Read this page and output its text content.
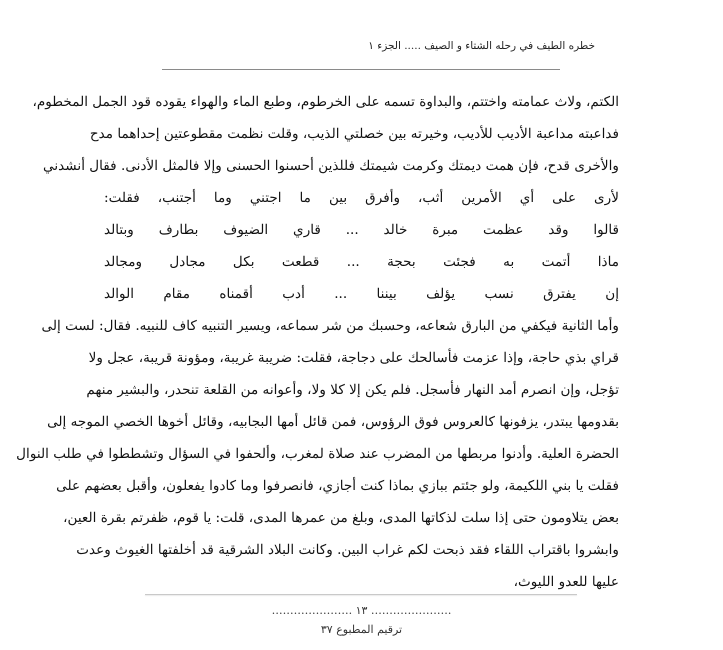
خطره الطيف في رحله الشتاء و الصيف ..... الجزء ١
الكتم، ولاث عمامته واختتم، والبداوة تسمه على الخرطوم، وطبع الماء والهواء يقوده قود الجمل المخطوم،
فداعبته مداعبة الأديب للأديب، وخيرته بين خصلتي الذيب، وقلت نظمت مقطوعتين إحداهما مدح
والأخرى قدح، فإن همت ديمتك وكرمت شيمتك فللذين أحسنوا الحسنى وإلا فالمثل الأدنى. فقال أنشدني
لأرى على أي الأمرين أثب، وأفرق بين ما اجتني وما أجتنب، فقلت:
قالوا وقد عظمت مبرة خالد ... قاري الضيوف بطارف وبتالد
ماذا أتمت به فجئت بحجة ... قطعت بكل مجادل ومجالد
إن يفترق نسب يؤلف بيننا ... أدب أقمناه مقام الوالد
وأما الثانية فيكفي من البارق شعاعه، وحسبك من شر سماعه، ويسير التنبيه كاف للنبيه. فقال: لست إلى
قراي بذي حاجة، وإذا عزمت فأسالحك على دجاجة، فقلت: ضريبة غريبة، ومؤونة قريبة، عجل ولا
تؤجل، وإن انصرم أمد النهار فأسجل. فلم يكن إلا كلا ولا، وأعوانه من القلعة تنحدر، والبشير منهم
بقدومها يبتدر، يزفونها كالعروس فوق الرؤوس، فمن قائل أمها البجابيه، وقائل أخوها الخصي الموجه إلى
الحضرة العلية. وأدنوا مربطها من المضرب عند صلاة لمغرب، وألحفوا في السؤال وتشططوا في طلب النوال
فقلت يا بني اللكيمة، ولو جئتم ببازي بماذا كنت أجازي، فانصرفوا وما كادوا يفعلون، وأقبل بعضهم على
بعض يتلاومون حتى إذا سلت لذكاتها المدى، وبلغ من عمرها المدى، قلت: يا قوم، ظفرتم بقرة العين،
وابشروا باقتراب اللقاء فقد ذبحت لكم غراب البين. وكانت البلاد الشرقية قد أخلفتها الغيوث وعدت
عليها للعدو الليوث،
…………………. ١٣ ………………….
ترقيم المطبوع ٣٧
